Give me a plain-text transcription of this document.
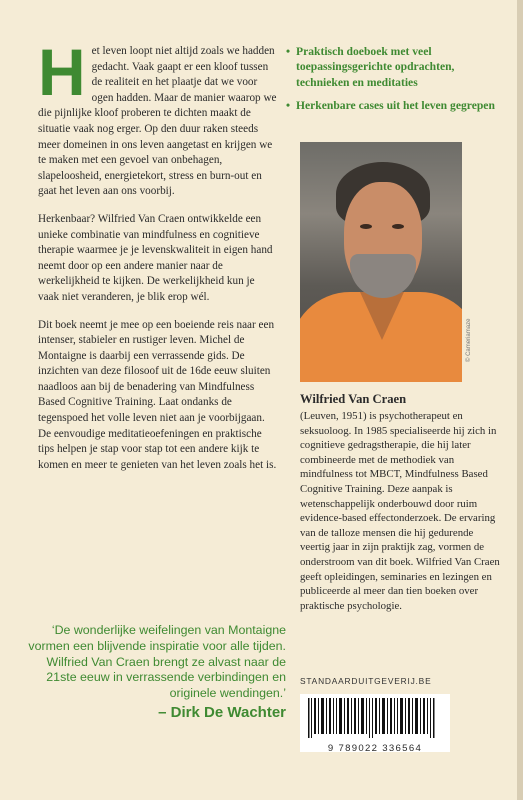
H et leven loopt niet altijd zoals we hadden gedacht. Vaak gaapt er een kloof tussen de realiteit en het plaatje dat we voor ogen hadden. Maar de manier waarop we die pijnlijke kloof proberen te dichten maakt de situatie vaak nog erger. Op den duur raken steeds meer domeinen in ons leven aangetast en krijgen we te maken met een gevoel van onbehagen, slapeloosheid, energietekort, stress en burn-out en gaat het leven aan ons voorbij.

Herkenbaar? Wilfried Van Craen ontwikkelde een unieke combinatie van mindfulness en cognitieve therapie waarmee je je levenskwaliteit in eigen hand neemt door op een andere manier naar de werkelijkheid te kijken. De werkelijkheid kun je vaak niet veranderen, je blik erop wél.

Dit boek neemt je mee op een boeiende reis naar een intenser, stabieler en rustiger leven. Michel de Montaigne is daarbij een verrassende gids. De inzichten van deze filosoof uit de 16de eeuw sluiten naadloos aan bij de benadering van Mindfulness Based Cognitive Training. Laat ondanks de tegenspoed het volle leven niet aan je voorbijgaan. De eenvoudige meditatieoefeningen en praktische tips helpen je stap voor stap tot een andere kijk te komen en meer te genieten van het leven zoals het is.

• Praktisch doeboek met veel toepassingsgerichte opdrachten, technieken en meditaties
• Herkenbare cases uit het leven gegrepen
© Cameriamaze

Wilfried Van Craen

(Leuven, 1951) is psychotherapeut en seksuoloog. In 1985 specialiseerde hij zich in cognitieve gedragstherapie, die hij later combineerde met de methodiek van mindfulness tot MBCT, Mindfulness Based Cognitive Training. Deze aanpak is wetenschappelijk onderbouwd door ruim evidence-based effectonderzoek. De ervaring van de talloze mensen die hij gedurende veertig jaar in zijn praktijk zag, vormen de onderstroom van dit boek. Wilfried Van Craen geeft opleidingen, seminaries en lezingen en publiceerde al meer dan tien boeken over praktische psychologie.

STANDAARDUITGEVERIJ.BE
9 789022 336564

‘De wonderlijke weifelingen van Montaigne vormen een blijvende inspiratie voor alle tijden. Wilfried Van Craen brengt ze alvast naar de 21ste eeuw in verrassende verbindingen en originele wendingen.’

– Dirk De Wachter
